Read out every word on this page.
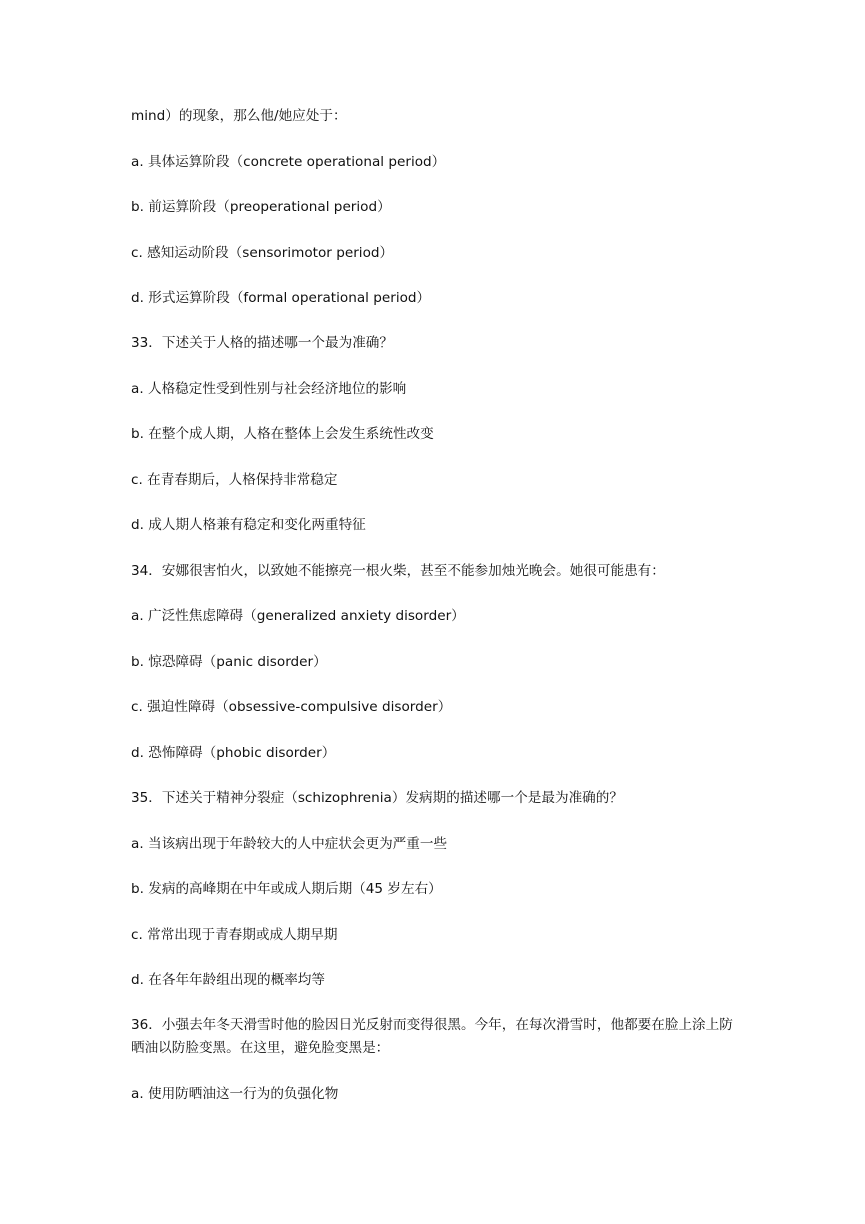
mind）的现象，那么他/她应处于：
a. 具体运算阶段（concrete operational period）
b. 前运算阶段（preoperational period）
c. 感知运动阶段（sensorimotor period）
d. 形式运算阶段（formal operational period）
33．下述关于人格的描述哪一个最为准确？
a. 人格稳定性受到性别与社会经济地位的影响
b. 在整个成人期，人格在整体上会发生系统性改变
c. 在青春期后，人格保持非常稳定
d. 成人期人格兼有稳定和变化两重特征
34．安娜很害怕火，以致她不能擦亮一根火柴，甚至不能参加烛光晚会。她很可能患有：
a. 广泛性焦虑障碍（generalized anxiety disorder）
b. 惊恐障碍（panic disorder）
c. 强迫性障碍（obsessive-compulsive disorder）
d. 恐怖障碍（phobic disorder）
35．下述关于精神分裂症（schizophrenia）发病期的描述哪一个是最为准确的？
a. 当该病出现于年龄较大的人中症状会更为严重一些
b. 发病的高峰期在中年或成人期后期（45 岁左右）
c. 常常出现于青春期或成人期早期
d. 在各年年龄组出现的概率均等
36．小强去年冬天滑雪时他的脸因日光反射而变得很黑。今年，在每次滑雪时，他都要在脸上涂上防晒油以防脸变黑。在这里，避免脸变黑是：
a. 使用防晒油这一行为的负强化物
